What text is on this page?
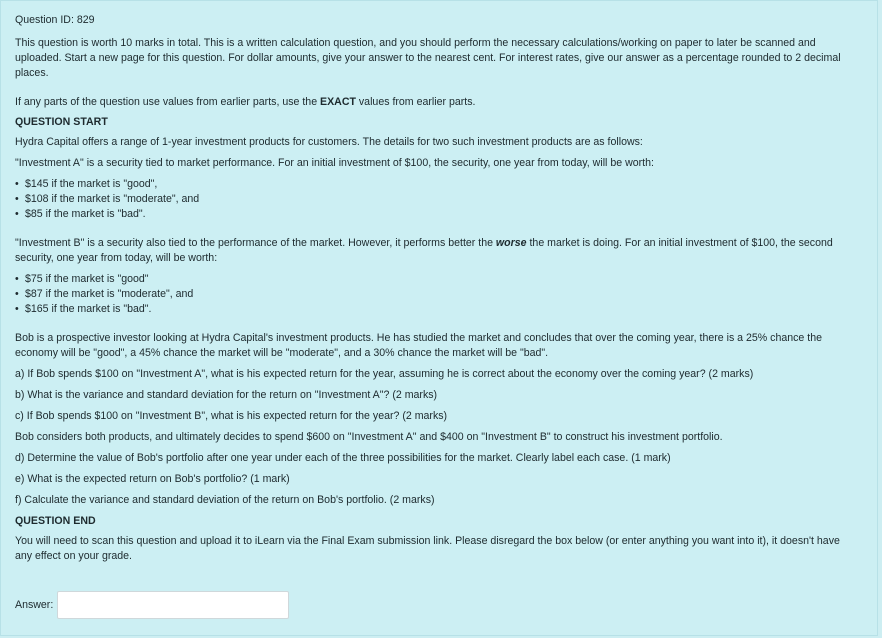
Question ID: 829

This question is worth 10 marks in total. This is a written calculation question, and you should perform the necessary calculations/working on paper to later be scanned and uploaded. Start a new page for this question. For dollar amounts, give your answer to the nearest cent. For interest rates, give our answer as a percentage rounded to 2 decimal places.

If any parts of the question use values from earlier parts, use the EXACT values from earlier parts.

QUESTION START

Hydra Capital offers a range of 1-year investment products for customers. The details for two such investment products are as follows:

"Investment A" is a security tied to market performance. For an initial investment of $100, the security, one year from today, will be worth:

• $145 if the market is "good",
• $108 if the market is "moderate", and
• $85 if the market is "bad".

"Investment B" is a security also tied to the performance of the market. However, it performs better the worse the market is doing. For an initial investment of $100, the second security, one year from today, will be worth:

• $75 if the market is "good"
• $87 if the market is "moderate", and
• $165 if the market is "bad".

Bob is a prospective investor looking at Hydra Capital's investment products. He has studied the market and concludes that over the coming year, there is a 25% chance the economy will be "good", a 45% chance the market will be "moderate", and a 30% chance the market will be "bad".

a) If Bob spends $100 on "Investment A", what is his expected return for the year, assuming he is correct about the economy over the coming year? (2 marks)

b) What is the variance and standard deviation for the return on "Investment A"? (2 marks)

c) If Bob spends $100 on "Investment B", what is his expected return for the year? (2 marks)

Bob considers both products, and ultimately decides to spend $600 on "Investment A" and $400 on "Investment B" to construct his investment portfolio.

d) Determine the value of Bob's portfolio after one year under each of the three possibilities for the market. Clearly label each case. (1 mark)

e) What is the expected return on Bob's portfolio? (1 mark)

f) Calculate the variance and standard deviation of the return on Bob's portfolio. (2 marks)

QUESTION END

You will need to scan this question and upload it to iLearn via the Final Exam submission link. Please disregard the box below (or enter anything you want into it), it doesn't have any effect on your grade.

Answer:
